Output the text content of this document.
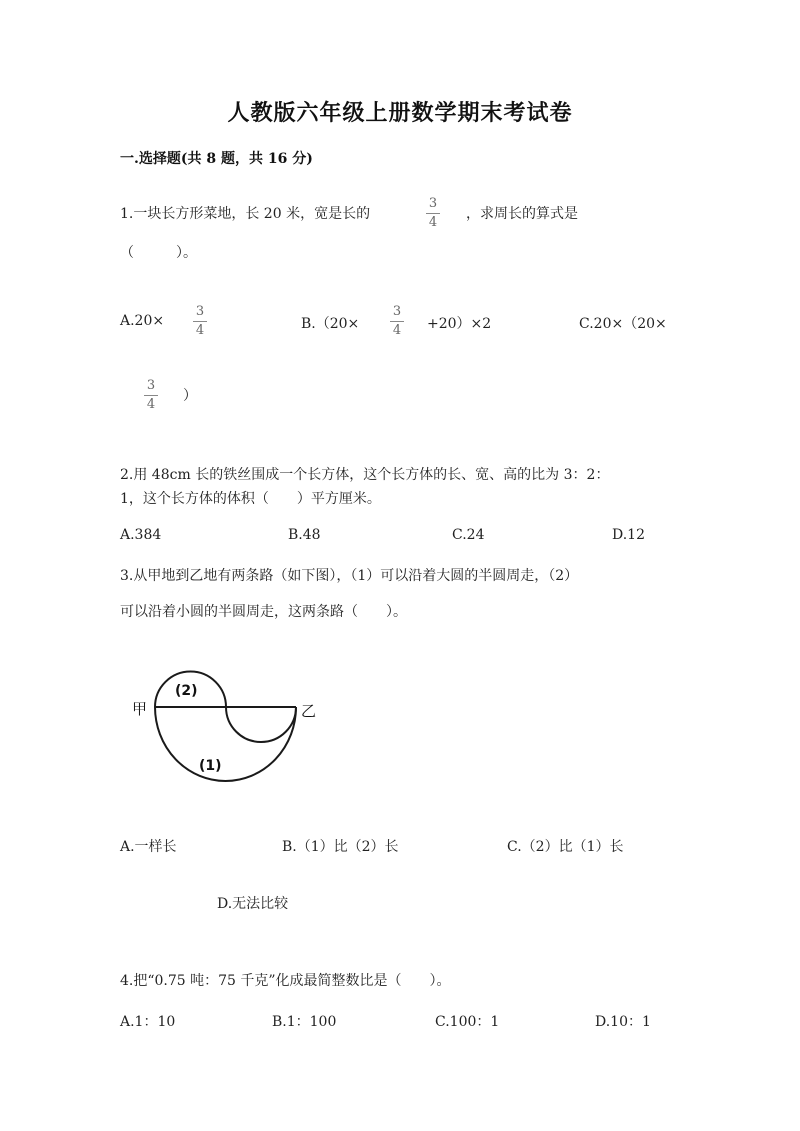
人教版六年级上册数学期末考试卷
一.选择题(共 8 题，共 16 分)
1.一块长方形菜地，长 20 米，宽是长的
3
4
，求周长的算式是
（　　　）。
A.20×
3
4	B.（20×
3
4 +20）×2	C.20×（20×
3
4
）
2.用 48cm 长的铁丝围成一个长方体，这个长方体的长、宽、高的比为 3：2：
1，这个长方体的体积（　　）平方厘米。
A.384	B.48	C.24	D.12
3.从甲地到乙地有两条路（如下图），（1）可以沿着大圆的半圆周走，（2）
可以沿着小圆的半圆周走，这两条路（　　）。
甲	乙
(2)
(1)
A.一样长	B.（1）比（2）长	C.（2）比（1）长
D.无法比较
4.把“0.75 吨：75 千克”化成最简整数比是（　　）。
A.1：10	B.1：100	C.100：1	D.10：1
